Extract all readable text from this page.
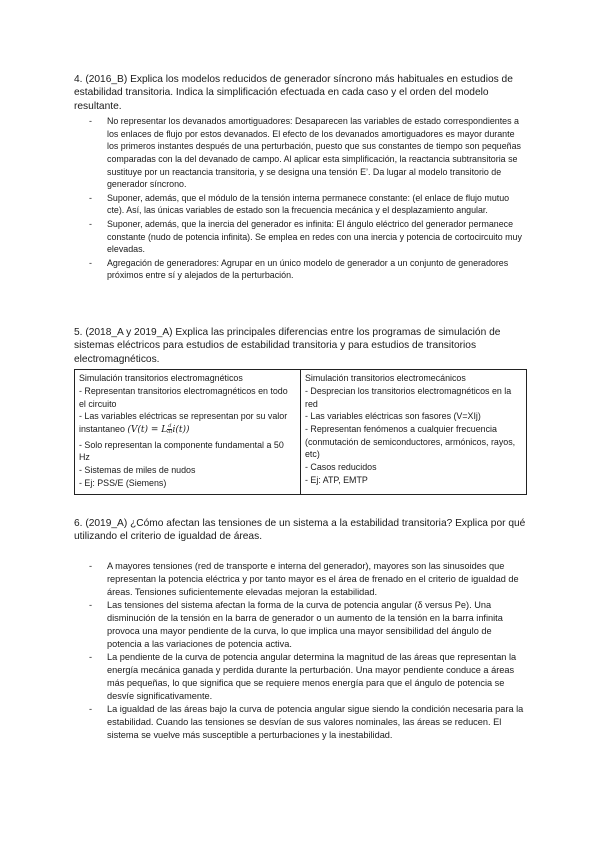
4. (2016_B) Explica los modelos reducidos de generador síncrono más habituales en estudios de estabilidad transitoria. Indica la simplificación efectuada en cada caso y el orden del modelo resultante.

- No representar los devanados amortiguadores: Desaparecen las variables de estado correspondientes a los enlaces de flujo por estos devanados. El efecto de los devanados amortiguadores es mayor durante los primeros instantes después de una perturbación, puesto que sus constantes de tiempo son pequeñas comparadas con la del devanado de campo. Al aplicar esta simplificación, la reactancia subtransitoria se sustituye por un reactancia transitoria, y se designa una tensión E’. Da lugar al modelo transitorio de generador síncrono.
- Suponer, además, que el módulo de la tensión interna permanece constante: (el enlace de flujo mutuo cte). Así, las únicas variables de estado son la frecuencia mecánica y el desplazamiento angular.
- Suponer, además, que la inercia del generador es infinita: El ángulo eléctrico del generador permanece constante (nudo de potencia infinita). Se emplea en redes con una inercia y potencia de cortocircuito muy elevadas.
- Agregación de generadores: Agrupar en un único modelo de generador a un conjunto de generadores próximos entre sí y alejados de la perturbación.

5. (2018_A y 2019_A) Explica las principales diferencias entre los programas de simulación de sistemas eléctricos para estudios de estabilidad transitoria y para estudios de transitorios electromagnéticos.

Simulación transitorios electromagnéticos
- Representan transitorios electromagnéticos en todo el circuito
- Las variables eléctricas se representan por su valor instantaneo (V(t) = L $\frac{d}{dt} i(t)$)
- Solo representan la componente fundamental a 50 Hz
- Sistemas de miles de nudos
- Ej: PSS/E (Siemens)

Simulación transitorios electromecánicos
- Desprecian los transitorios electromagnéticos en la red
- Las variables eléctricas son fasores (V=XIj)
- Representan fenómenos a cualquier frecuencia (conmutación de semiconductores, armónicos, rayos, etc)
- Casos reducidos
- Ej: ATP, EMTP

6. (2019_A) ¿Cómo afectan las tensiones de un sistema a la estabilidad transitoria? Explica por qué utilizando el criterio de igualdad de áreas.

- A mayores tensiones (red de transporte e interna del generador), mayores son las sinusoides que representan la potencia eléctrica y por tanto mayor es el área de frenado en el criterio de igualdad de áreas. Tensiones suficientemente elevadas mejoran la estabilidad.
- Las tensiones del sistema afectan la forma de la curva de potencia angular (δ versus Pe). Una disminución de la tensión en la barra de generador o un aumento de la tensión en la barra infinita provoca una mayor pendiente de la curva, lo que implica una mayor sensibilidad del ángulo de potencia a las variaciones de potencia activa.
- La pendiente de la curva de potencia angular determina la magnitud de las áreas que representan la energía mecánica ganada y perdida durante la perturbación. Una mayor pendiente conduce a áreas más pequeñas, lo que significa que se requiere menos energía para que el ángulo de potencia se desvíe significativamente.
- La igualdad de las áreas bajo la curva de potencia angular sigue siendo la condición necesaria para la estabilidad. Cuando las tensiones se desvían de sus valores nominales, las áreas se reducen. El sistema se vuelve más susceptible a perturbaciones y la inestabilidad.
